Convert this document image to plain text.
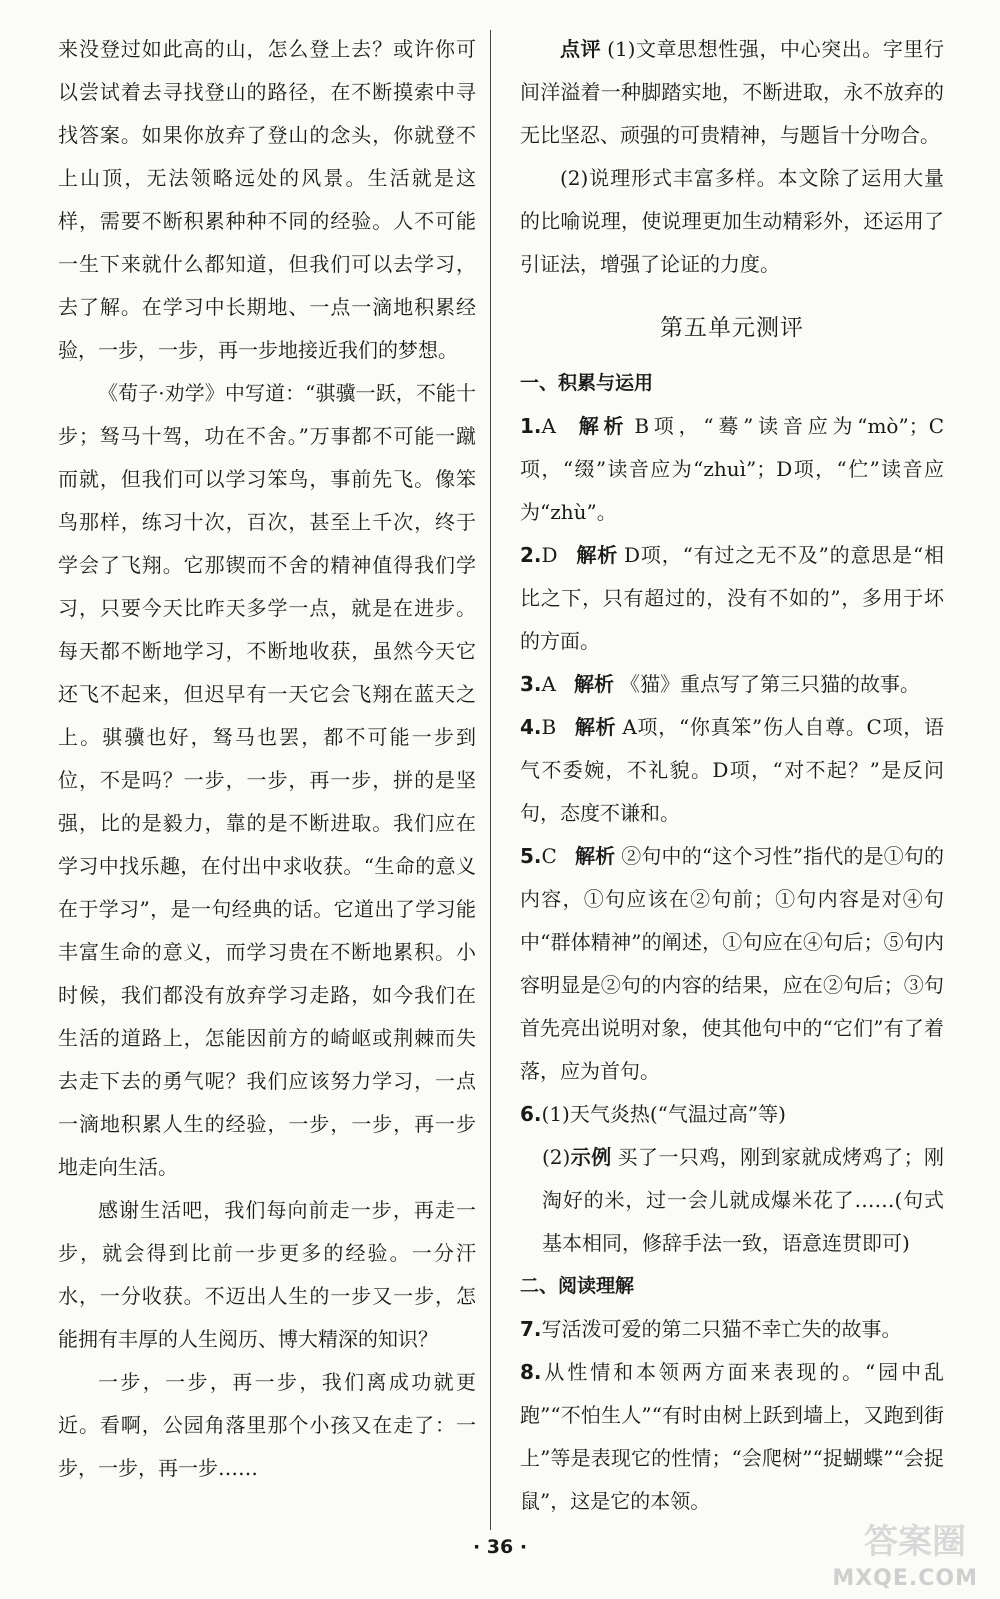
来没登过如此高的山，怎么登上去？或许你可以尝试着去寻找登山的路径，在不断摸索中寻找答案。如果你放弃了登山的念头，你就登不上山顶，无法领略远处的风景。生活就是这样，需要不断积累种种不同的经验。人不可能一生下来就什么都知道，但我们可以去学习，去了解。在学习中长期地、一点一滴地积累经验，一步，一步，再一步地接近我们的梦想。

《荀子·劝学》中写道：“骐骥一跃，不能十步；驽马十驾，功在不舍。”万事都不可能一蹴而就，但我们可以学习笨鸟，事前先飞。像笨鸟那样，练习十次，百次，甚至上千次，终于学会了飞翔。它那锲而不舍的精神值得我们学习，只要今天比昨天多学一点，就是在进步。每天都不断地学习，不断地收获，虽然今天它还飞不起来，但迟早有一天它会飞翔在蓝天之上。骐骥也好，驽马也罢，都不可能一步到位，不是吗？一步，一步，再一步，拼的是坚强，比的是毅力，靠的是不断进取。我们应在学习中找乐趣，在付出中求收获。“生命的意义在于学习”，是一句经典的话。它道出了学习能丰富生命的意义，而学习贵在不断地累积。小时候，我们都没有放弃学习走路，如今我们在生活的道路上，怎能因前方的崎岖或荆棘而失去走下去的勇气呢？我们应该努力学习，一点一滴地积累人生的经验，一步，一步，再一步地走向生活。

感谢生活吧，我们每向前走一步，再走一步，就会得到比前一步更多的经验。一分汗水，一分收获。不迈出人生的一步又一步，怎能拥有丰厚的人生阅历、博大精深的知识？

一步，一步，再一步，我们离成功就更近。看啊，公园角落里那个小孩又在走了：一步，一步，再一步……

点评 (1)文章思想性强，中心突出。字里行间洋溢着一种脚踏实地，不断进取，永不放弃的无比坚忍、顽强的可贵精神，与题旨十分吻合。

(2)说理形式丰富多样。本文除了运用大量的比喻说理，使说理更加生动精彩外，还运用了引证法，增强了论证的力度。

第五单元测评

一、积累与运用

1.A 解析 B项，“蓦”读音应为“mò”；C项，“缀”读音应为“zhuì”；D项，“伫”读音应为“zhù”。

2.D 解析 D项，“有过之无不及”的意思是“相比之下，只有超过的，没有不如的”，多用于坏的方面。

3.A 解析 《猫》重点写了第三只猫的故事。

4.B 解析 A项，“你真笨”伤人自尊。C项，语气不委婉，不礼貌。D项，“对不起？”是反问句，态度不谦和。

5.C 解析 ②句中的“这个习性”指代的是①句的内容，①句应该在②句前；①句内容是对④句中“群体精神”的阐述，①句应在④句后；⑤句内容明显是②句的内容的结果，应在②句后；③句首先亮出说明对象，使其他句中的“它们”有了着落，应为首句。

6.(1)天气炎热(“气温过高”等)

(2)示例 买了一只鸡，刚到家就成烤鸡了；刚淘好的米，过一会儿就成爆米花了……(句式基本相同，修辞手法一致，语意连贯即可)

二、阅读理解

7.写活泼可爱的第二只猫不幸亡失的故事。

8.从性情和本领两方面来表现的。“园中乱跑”“不怕生人”“有时由树上跃到墙上，又跑到街上”等是表现它的性情；“会爬树”“捉蝴蝶”“会捉鼠”，这是它的本领。

· 36 ·	答案圈
MXQE.COM
